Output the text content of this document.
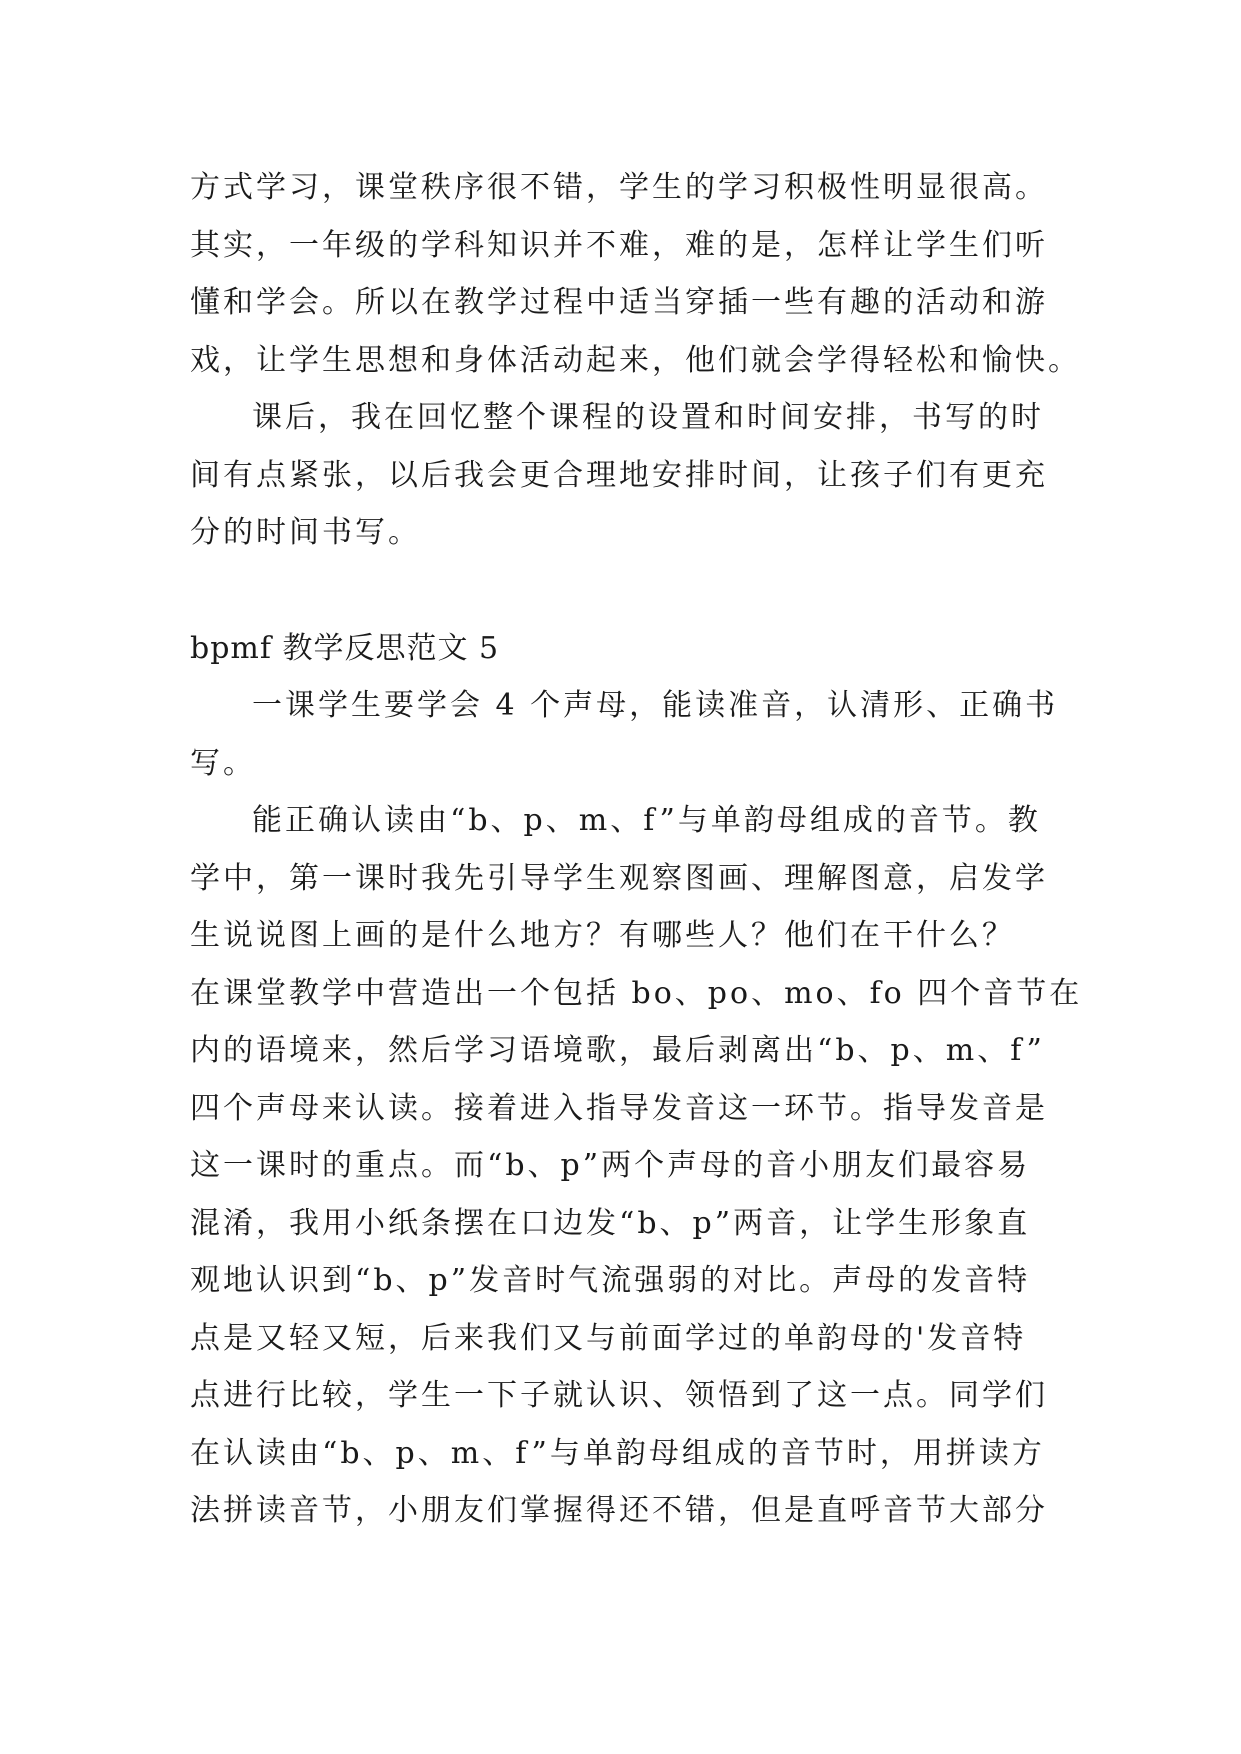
方式学习，课堂秩序很不错，学生的学习积极性明显很高。
其实，一年级的学科知识并不难，难的是，怎样让学生们听
懂和学会。所以在教学过程中适当穿插一些有趣的活动和游
戏，让学生思想和身体活动起来，他们就会学得轻松和愉快。
课后，我在回忆整个课程的设置和时间安排，书写的时
间有点紧张，以后我会更合理地安排时间，让孩子们有更充
分的时间书写。
bpmf 教学反思范文 5
一课学生要学会 4 个声母，能读准音，认清形、正确书
写。
能正确认读由“b、p、m、f”与单韵母组成的音节。教
学中，第一课时我先引导学生观察图画、理解图意，启发学
生说说图上画的是什么地方？有哪些人？他们在干什么？
在课堂教学中营造出一个包括 bo、po、mo、fo 四个音节在
内的语境来，然后学习语境歌，最后剥离出“b、p、m、f”
四个声母来认读。接着进入指导发音这一环节。指导发音是
这一课时的重点。而“b、p”两个声母的音小朋友们最容易
混淆，我用小纸条摆在口边发“b、p”两音，让学生形象直
观地认识到“b、p”发音时气流强弱的对比。声母的发音特
点是又轻又短，后来我们又与前面学过的单韵母的'发音特
点进行比较，学生一下子就认识、领悟到了这一点。同学们
在认读由“b、p、m、f”与单韵母组成的音节时，用拼读方
法拼读音节，小朋友们掌握得还不错，但是直呼音节大部分
